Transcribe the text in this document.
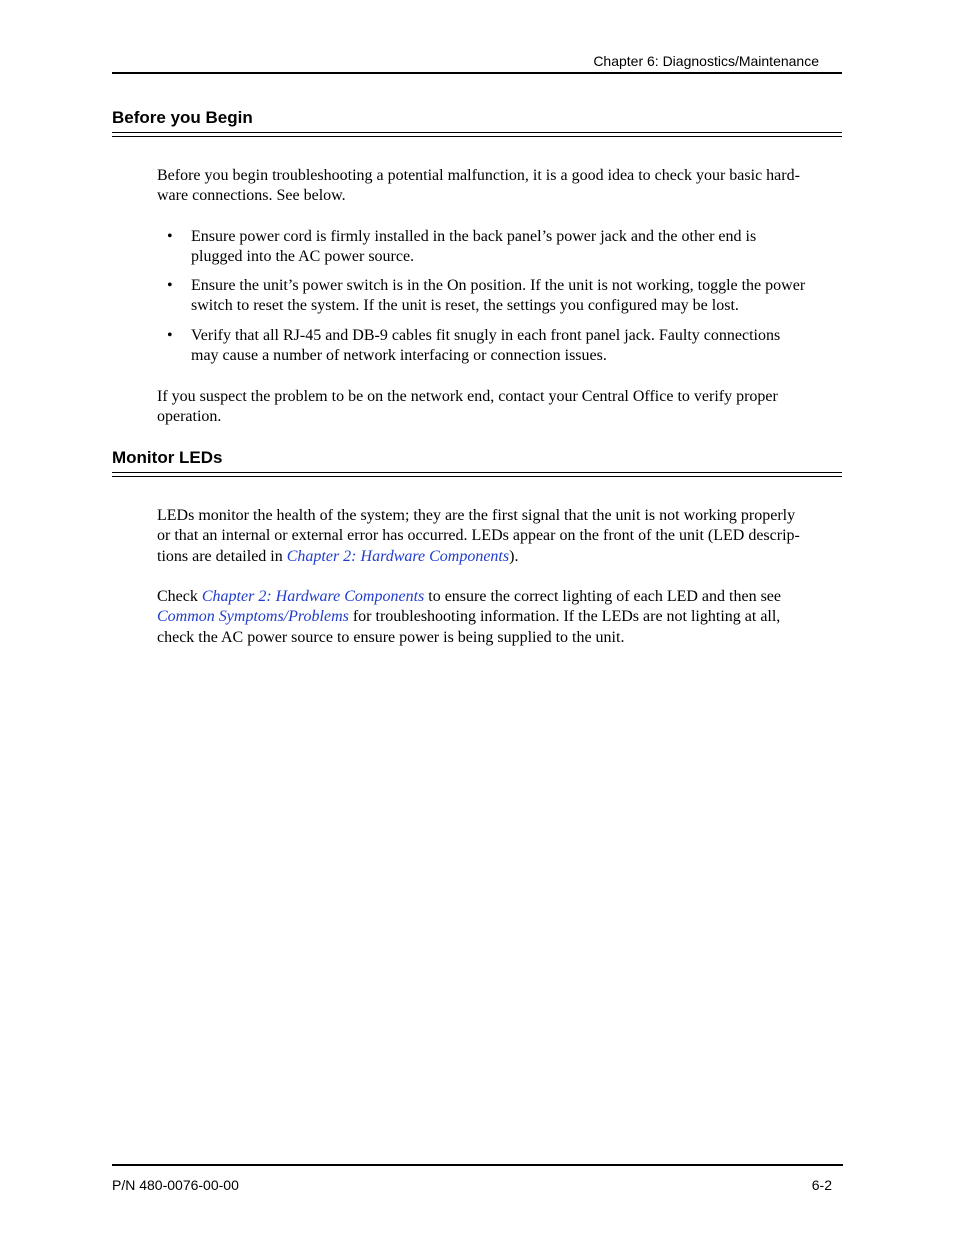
Chapter 6: Diagnostics/Maintenance
Before you Begin
Before you begin troubleshooting a potential malfunction, it is a good idea to check your basic hard-
ware connections. See below.
• Ensure power cord is firmly installed in the back panel’s power jack and the other end is
plugged into the AC power source.
• Ensure the unit’s power switch is in the On position. If the unit is not working, toggle the power
switch to reset the system. If the unit is reset, the settings you configured may be lost.
• Verify that all RJ-45 and DB-9 cables fit snugly in each front panel jack. Faulty connections
may cause a number of network interfacing or connection issues.
If you suspect the problem to be on the network end, contact your Central Office to verify proper
operation.
Monitor LEDs
LEDs monitor the health of the system; they are the first signal that the unit is not working properly
or that an internal or external error has occurred. LEDs appear on the front of the unit (LED descrip-
tions are detailed in Chapter 2: Hardware Components).
Check Chapter 2: Hardware Components to ensure the correct lighting of each LED and then see
Common Symptoms/Problems for troubleshooting information. If the LEDs are not lighting at all,
check the AC power source to ensure power is being supplied to the unit.
P/N 480-0076-00-00	6-2
